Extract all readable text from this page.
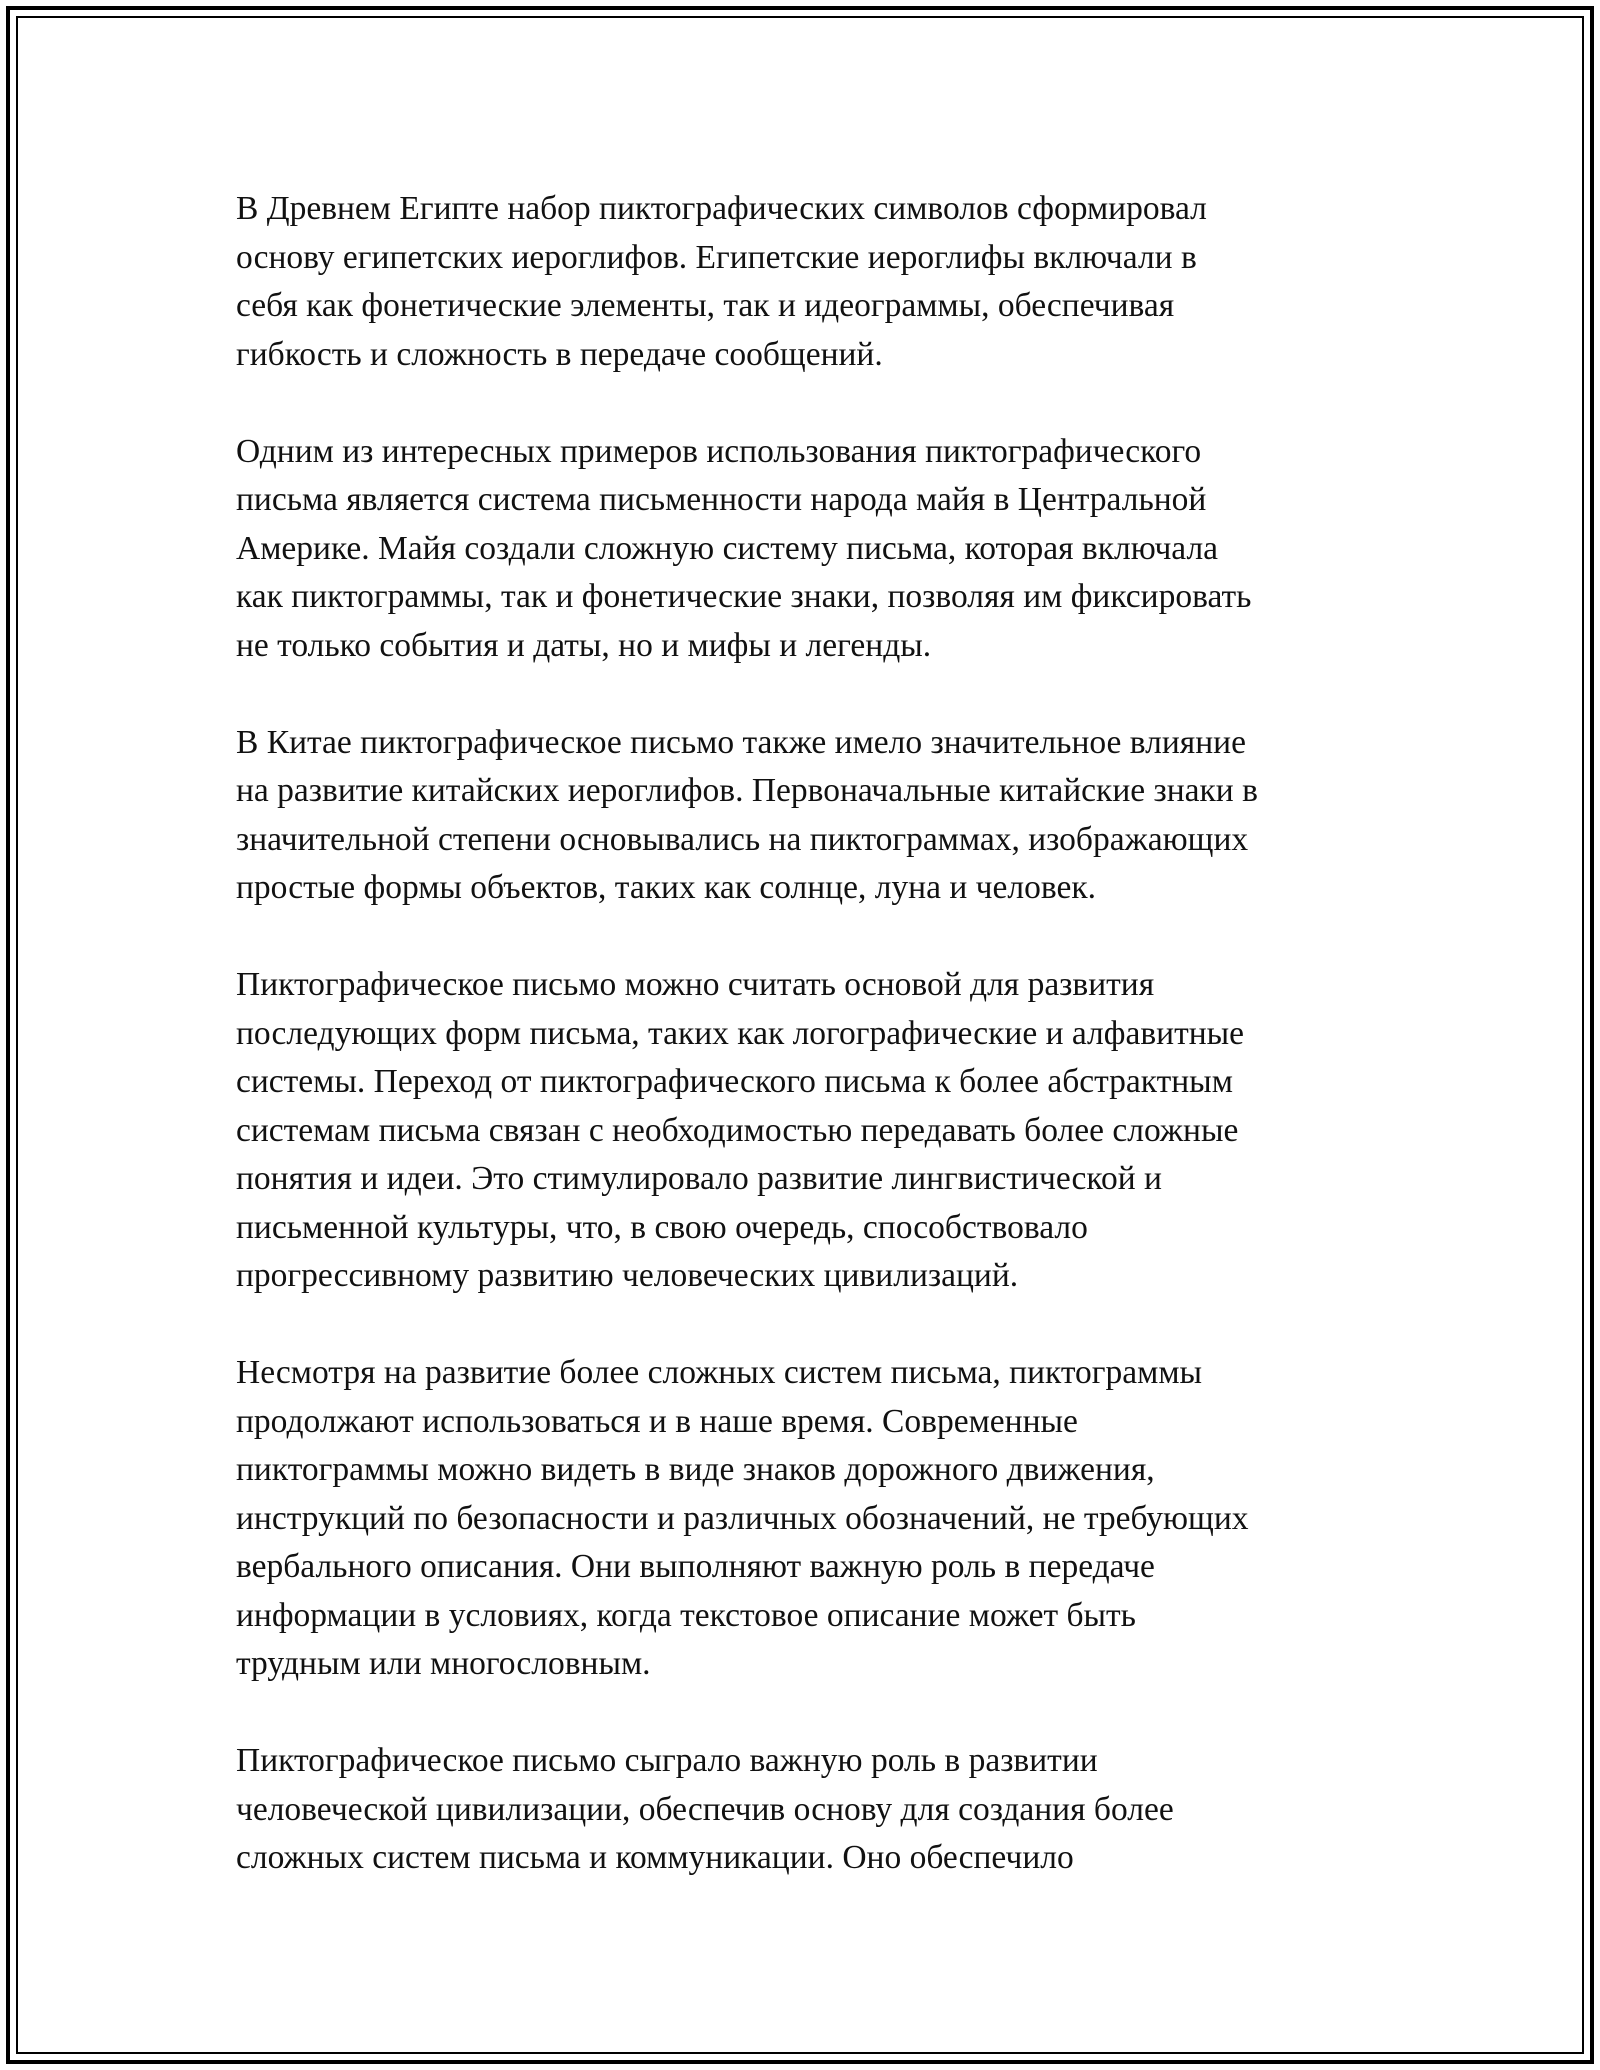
В Древнем Египте набор пиктографических символов сформировал
основу египетских иероглифов. Египетские иероглифы включали в
себя как фонетические элементы, так и идеограммы, обеспечивая
гибкость и сложность в передаче сообщений.
Одним из интересных примеров использования пиктографического
письма является система письменности народа майя в Центральной
Америке. Майя создали сложную систему письма, которая включала
как пиктограммы, так и фонетические знаки, позволяя им фиксировать
не только события и даты, но и мифы и легенды.
В Китае пиктографическое письмо также имело значительное влияние
на развитие китайских иероглифов. Первоначальные китайские знаки в
значительной степени основывались на пиктограммах, изображающих
простые формы объектов, таких как солнце, луна и человек.
Пиктографическое письмо можно считать основой для развития
последующих форм письма, таких как логографические и алфавитные
системы. Переход от пиктографического письма к более абстрактным
системам письма связан с необходимостью передавать более сложные
понятия и идеи. Это стимулировало развитие лингвистической и
письменной культуры, что, в свою очередь, способствовало
прогрессивному развитию человеческих цивилизаций.
Несмотря на развитие более сложных систем письма, пиктограммы
продолжают использоваться и в наше время. Современные
пиктограммы можно видеть в виде знаков дорожного движения,
инструкций по безопасности и различных обозначений, не требующих
вербального описания. Они выполняют важную роль в передаче
информации в условиях, когда текстовое описание может быть
трудным или многословным.
Пиктографическое письмо сыграло важную роль в развитии
человеческой цивилизации, обеспечив основу для создания более
сложных систем письма и коммуникации. Оно обеспечило
